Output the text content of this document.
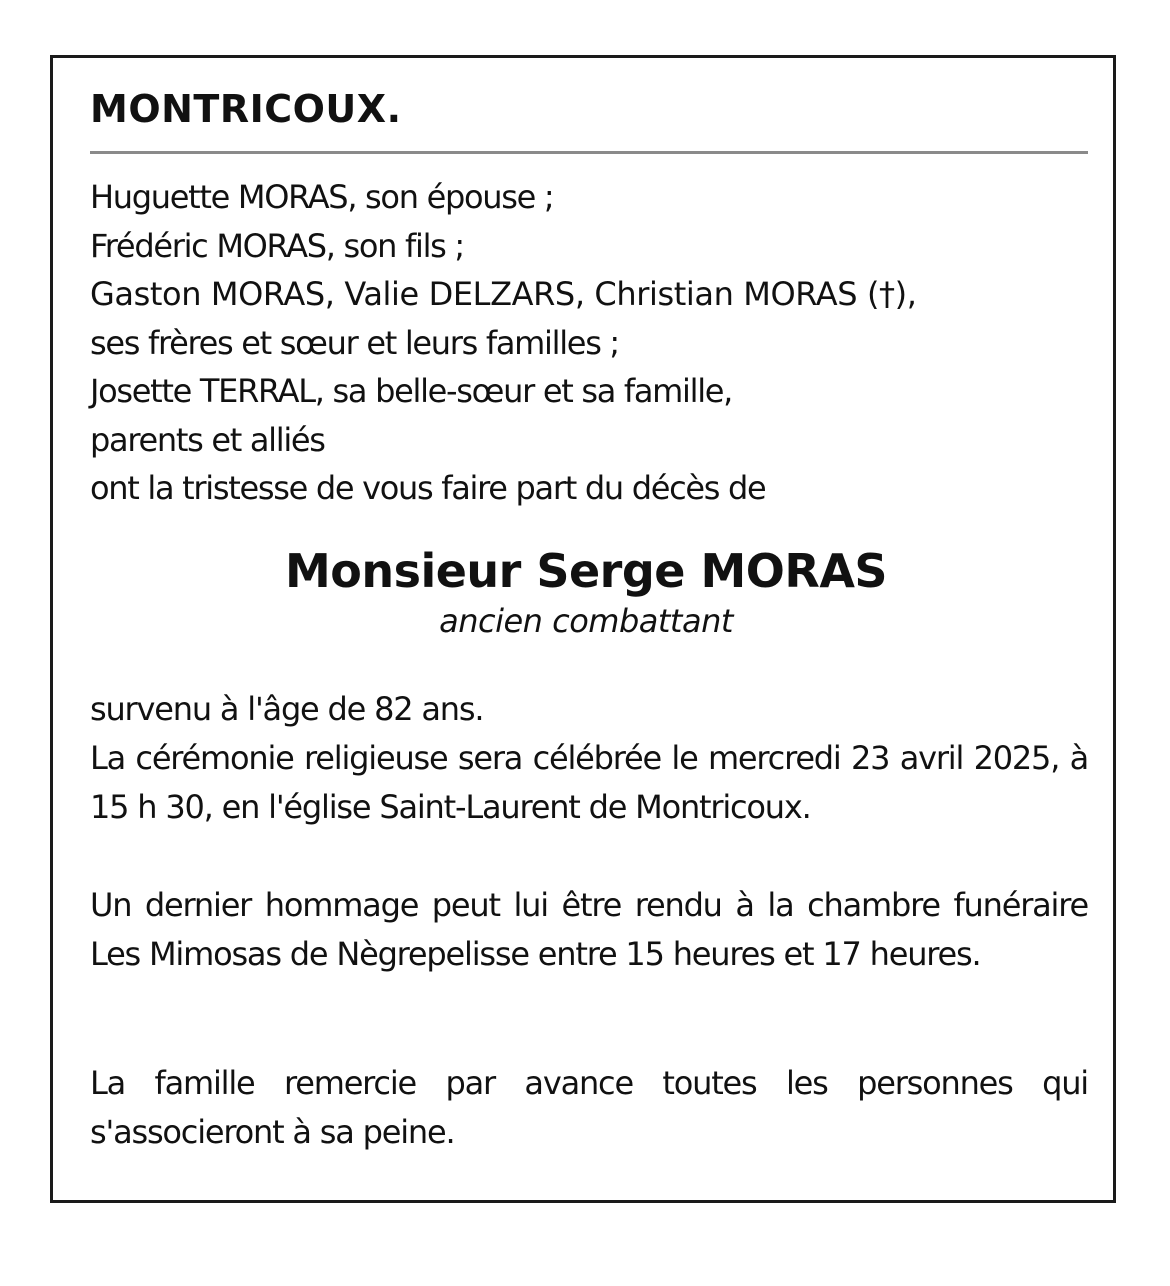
MONTRICOUX.
Huguette MORAS, son épouse ;
Frédéric MORAS, son fils ;
Gaston MORAS, Valie DELZARS, Christian MORAS (†),
ses frères et sœur et leurs familles ;
Josette TERRAL, sa belle-sœur et sa famille,
parents et alliés
ont la tristesse de vous faire part du décès de
Monsieur Serge MORAS
ancien combattant

survenu à l'âge de 82 ans.

La cérémonie religieuse sera célébrée le mercredi 23 avril 2025, à 15 h 30, en l'église Saint-Laurent de Montricoux.

Un dernier hommage peut lui être rendu à la chambre funéraire Les Mimosas de Nègrepelisse entre 15 heures et 17 heures.

La famille remercie par avance toutes les personnes qui s'associeront à sa peine.
